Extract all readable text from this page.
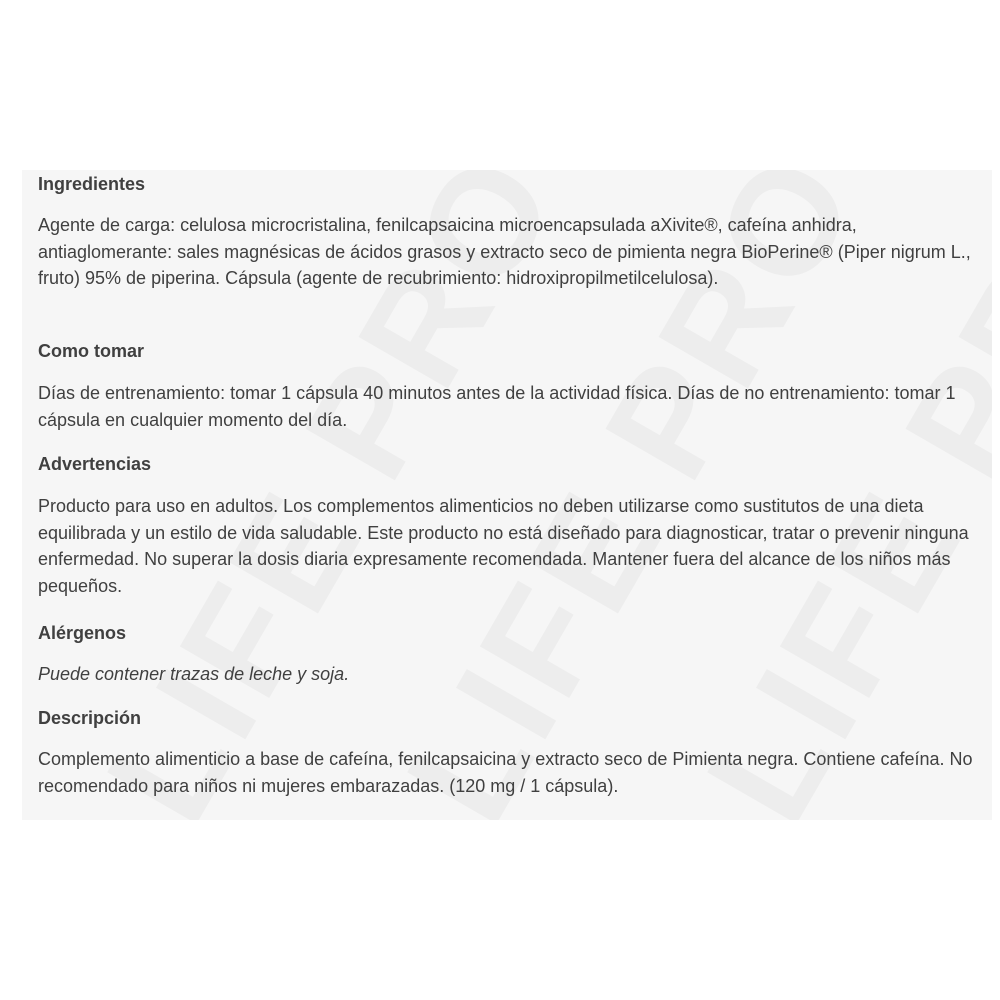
Ingredientes

Agente de carga: celulosa microcristalina, fenilcapsaicina microencapsulada aXivite®, cafeína anhidra, antiaglomerante: sales magnésicas de ácidos grasos y extracto seco de pimienta negra BioPerine® (Piper nigrum L., fruto) 95% de piperina. Cápsula (agente de recubrimiento: hidroxipropilmetilcelulosa).

Como tomar

Días de entrenamiento: tomar 1 cápsula 40 minutos antes de la actividad física. Días de no entrenamiento: tomar 1 cápsula en cualquier momento del día.

Advertencias

Producto para uso en adultos. Los complementos alimenticios no deben utilizarse como sustitutos de una dieta equilibrada y un estilo de vida saludable. Este producto no está diseñado para diagnosticar, tratar o prevenir ninguna enfermedad. No superar la dosis diaria expresamente recomendada. Mantener fuera del alcance de los niños más pequeños.

Alérgenos

Puede contener trazas de leche y soja.

Descripción

Complemento alimenticio a base de cafeína, fenilcapsaicina y extracto seco de Pimienta negra. Contiene cafeína. No recomendado para niños ni mujeres embarazadas. (120 mg / 1 cápsula).
